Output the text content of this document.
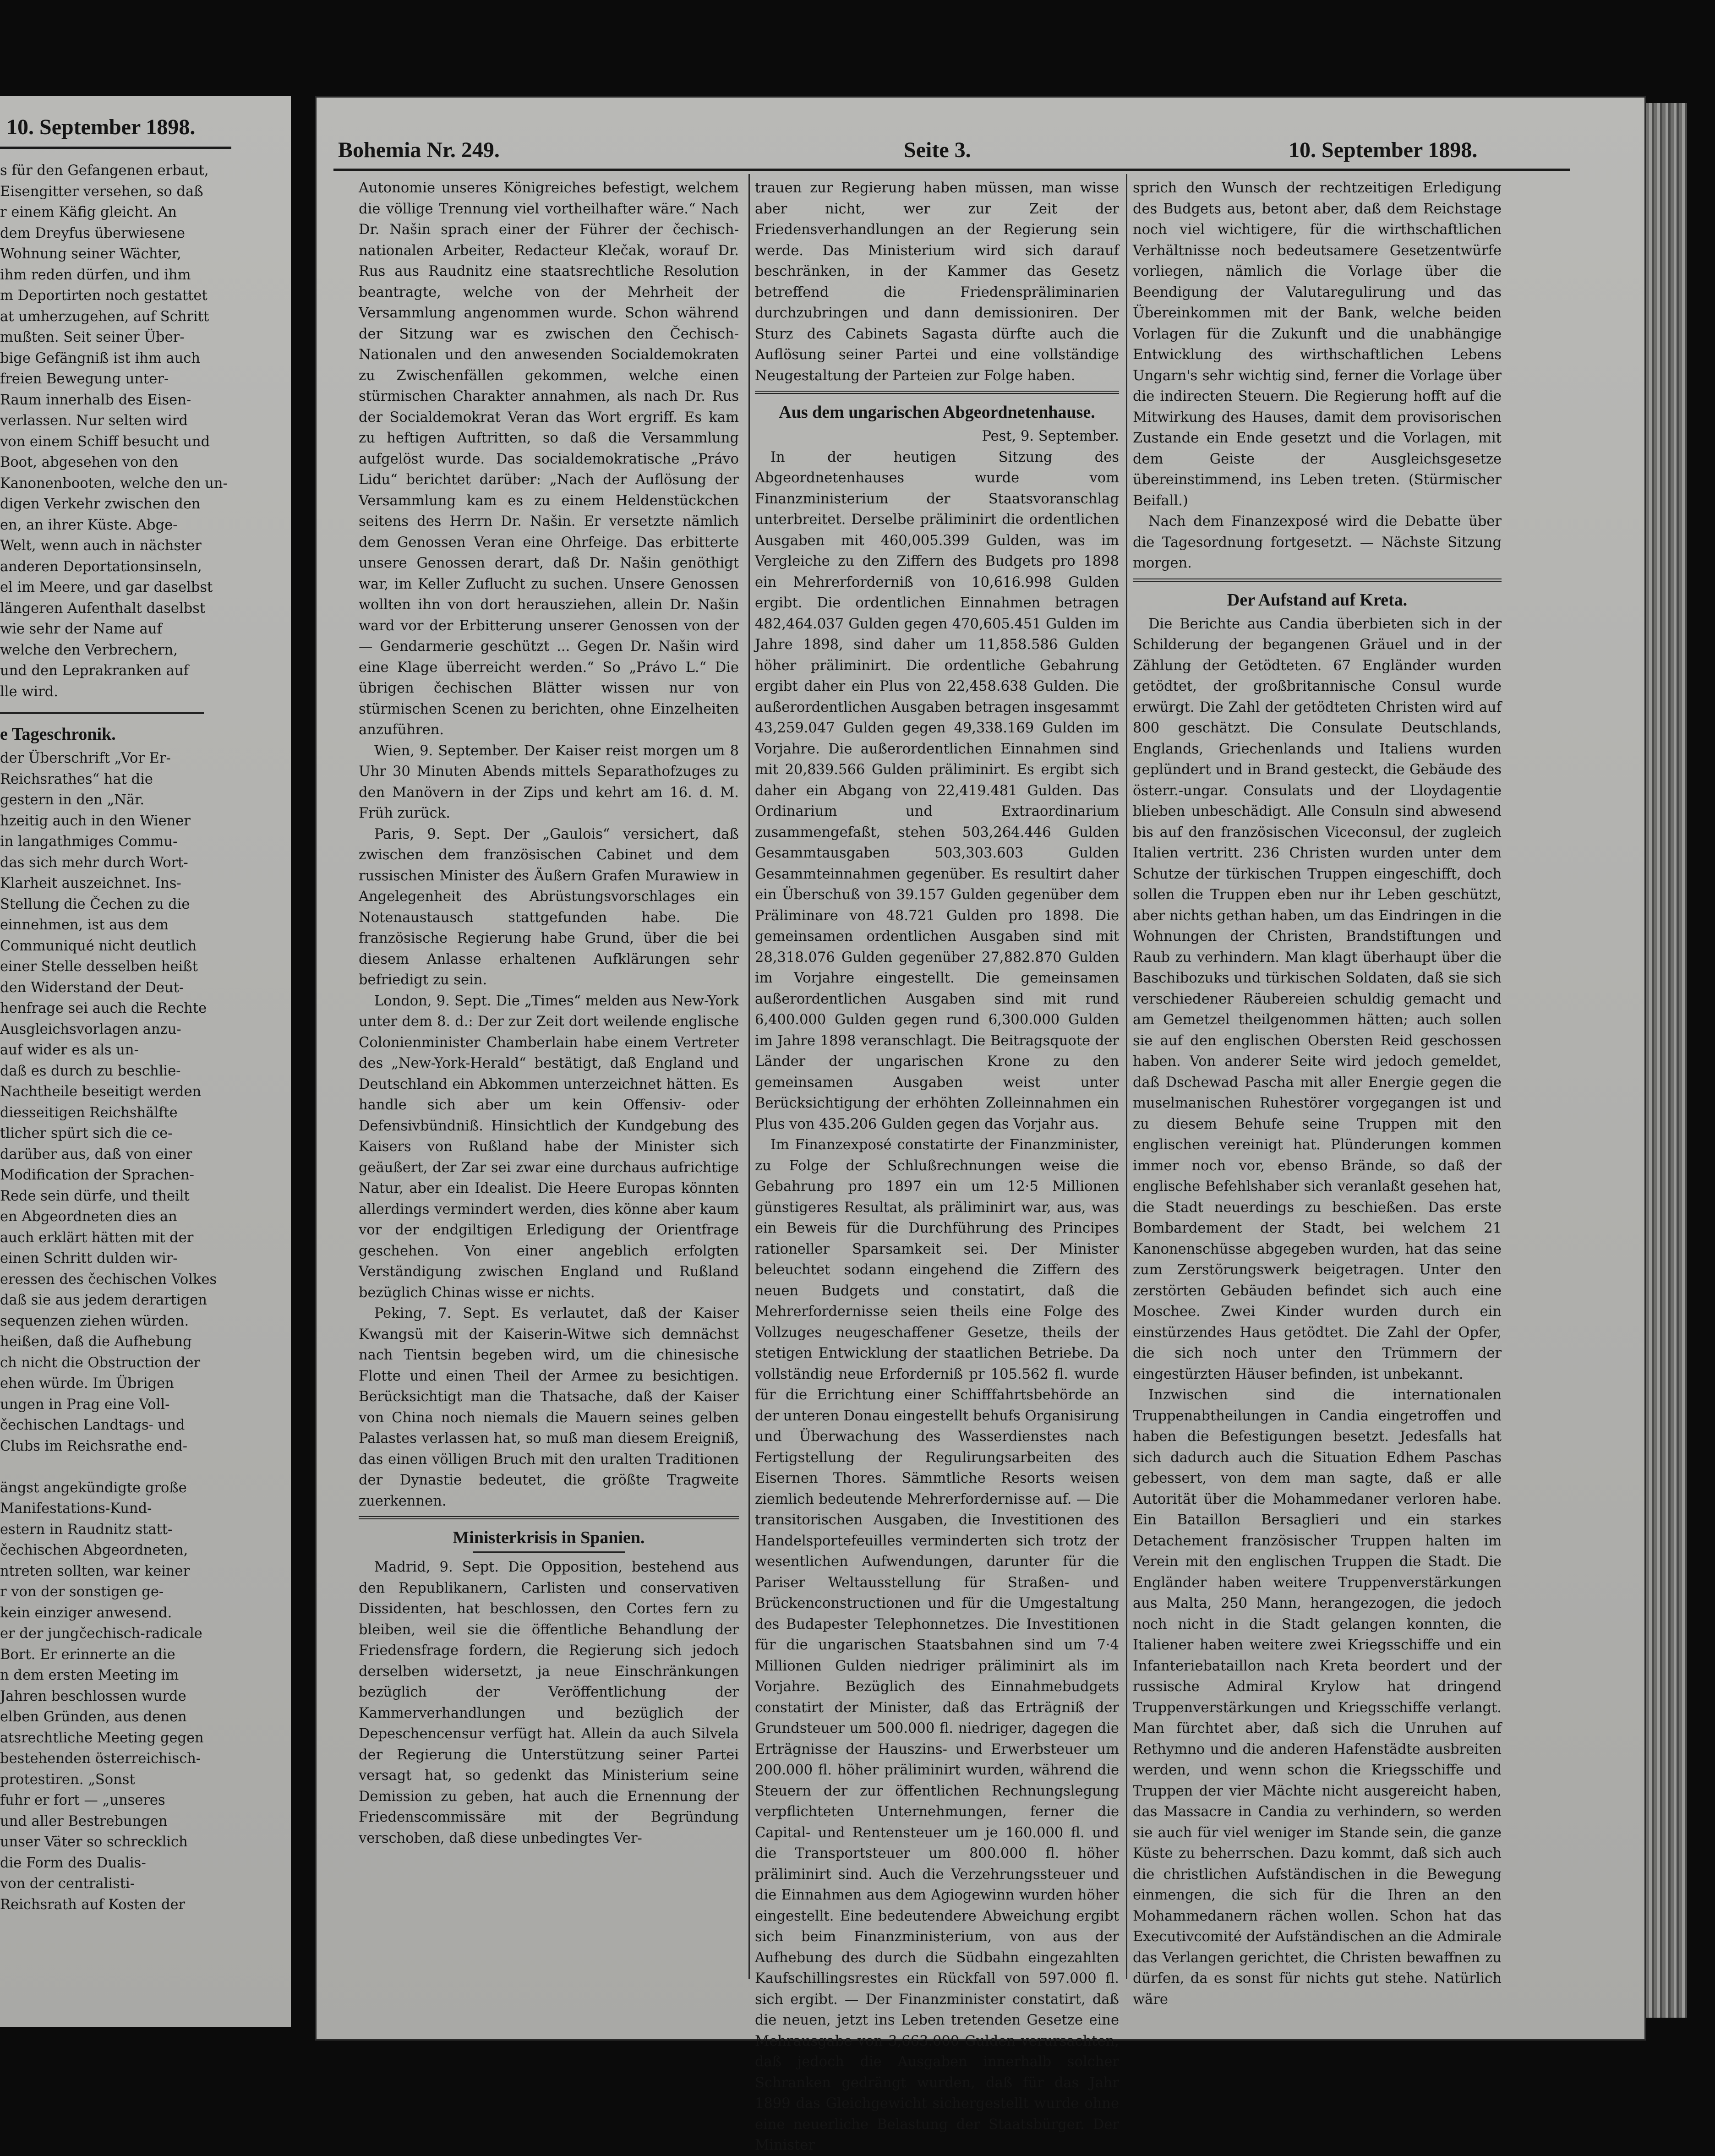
10. September 1898.

s für den Gefangenen erbaut,

Eisengitter versehen, so daß

r einem Käfig gleicht. An

dem Dreyfus überwiesene

Wohnung seiner Wächter,

ihm reden dürfen, und ihm

m Deportirten noch gestattet

at umherzugehen, auf Schritt

mußten. Seit seiner Über-

bige Gefängniß ist ihm auch

freien Bewegung unter-

Raum innerhalb des Eisen-

verlassen. Nur selten wird

von einem Schiff besucht und

Boot, abgesehen von den

Kanonenbooten, welche den un-

digen Verkehr zwischen den

en, an ihrer Küste. Abge-

Welt, wenn auch in nächster

anderen Deportationsinseln,

el im Meere, und gar daselbst

längeren Aufenthalt daselbst

wie sehr der Name auf

welche den Verbrechern,

und den Leprakranken auf

lle wird.

e Tageschronik.

der Überschrift „Vor Er-

Reichsrathes“ hat die

gestern in den „När.

hzeitig auch in den Wiener

in langathmiges Commu-

das sich mehr durch Wort-

Klarheit auszeichnet. Ins-

Stellung die Čechen zu die

einnehmen, ist aus dem

Communiqué nicht deutlich

einer Stelle desselben heißt

den Widerstand der Deut-

henfrage sei auch die Rechte

Ausgleichsvorlagen anzu-

auf wider es als un-

daß es durch zu beschlie-

Nachtheile beseitigt werden

diesseitigen Reichshälfte

tlicher spürt sich die ce-

darüber aus, daß von einer

Modification der Sprachen-

Rede sein dürfe, und theilt

en Abgeordneten dies an

auch erklärt hätten mit der

einen Schritt dulden wir-

eressen des čechischen Volkes

daß sie aus jedem derartigen

sequenzen ziehen würden.

heißen, daß die Aufhebung

ch nicht die Obstruction der

ehen würde. Im Übrigen

ungen in Prag eine Voll-

čechischen Landtags- und

Clubs im Reichsrathe end-

ängst angekündigte große

Manifestations-Kund-

estern in Raudnitz statt-

čechischen Abgeordneten,

ntreten sollten, war keiner

r von der sonstigen ge-

kein einziger anwesend.

er der jungčechisch-radicale

Bort. Er erinnerte an die

n dem ersten Meeting im

Jahren beschlossen wurde

elben Gründen, aus denen

atsrechtliche Meeting gegen

bestehenden österreichisch-

protestiren. „Sonst

fuhr er fort — „unseres

und aller Bestrebungen

unser Väter so schrecklich

die Form des Dualis-

von der centralisti-

Reichsrath auf Kosten der

Bohemia Nr. 249.	Seite 3.	10. September 1898.

Autonomie unseres Königreiches befestigt, welchem die völlige Trennung viel vortheilhafter wäre.“ Nach Dr. Našin sprach einer der Führer der čechisch-nationalen Arbeiter, Redacteur Klečak, worauf Dr. Rus aus Raudnitz eine staatsrechtliche Resolution beantragte, welche von der Mehrheit der Versammlung angenommen wurde. Schon während der Sitzung war es zwischen den Čechisch-Nationalen und den anwesenden Socialdemokraten zu Zwischenfällen gekommen, welche einen stürmischen Charakter annahmen, als nach Dr. Rus der Socialdemokrat Veran das Wort ergriff. Es kam zu heftigen Auftritten, so daß die Versammlung aufgelöst wurde. Das socialdemokratische „Právo Lidu“ berichtet darüber: „Nach der Auflösung der Versammlung kam es zu einem Heldenstückchen seitens des Herrn Dr. Našin. Er versetzte nämlich dem Genossen Veran eine Ohrfeige. Das erbitterte unsere Genossen derart, daß Dr. Našin genöthigt war, im Keller Zuflucht zu suchen. Unsere Genossen wollten ihn von dort herausziehen, allein Dr. Našin ward vor der Erbitterung unserer Genossen von der — Gendarmerie geschützt ... Gegen Dr. Našin wird eine Klage überreicht werden.“ So „Právo L.“ Die übrigen čechischen Blätter wissen nur von stürmischen Scenen zu berichten, ohne Einzelheiten anzuführen.

Wien, 9. September. Der Kaiser reist morgen um 8 Uhr 30 Minuten Abends mittels Separathofzuges zu den Manövern in der Zips und kehrt am 16. d. M. Früh zurück.

Paris, 9. Sept. Der „Gaulois“ versichert, daß zwischen dem französischen Cabinet und dem russischen Minister des Äußern Grafen Murawiew in Angelegenheit des Abrüstungsvorschlages ein Notenaustausch stattgefunden habe. Die französische Regierung habe Grund, über die bei diesem Anlasse erhaltenen Aufklärungen sehr befriedigt zu sein.

London, 9. Sept. Die „Times“ melden aus New-York unter dem 8. d.: Der zur Zeit dort weilende englische Colonienminister Chamberlain habe einem Vertreter des „New-York-Herald“ bestätigt, daß England und Deutschland ein Abkommen unterzeichnet hätten. Es handle sich aber um kein Offensiv- oder Defensivbündniß. Hinsichtlich der Kundgebung des Kaisers von Rußland habe der Minister sich geäußert, der Zar sei zwar eine durchaus aufrichtige Natur, aber ein Idealist. Die Heere Europas könnten allerdings vermindert werden, dies könne aber kaum vor der endgiltigen Erledigung der Orientfrage geschehen. Von einer angeblich erfolgten Verständigung zwischen England und Rußland bezüglich Chinas wisse er nichts.

Peking, 7. Sept. Es verlautet, daß der Kaiser Kwangsü mit der Kaiserin-Witwe sich demnächst nach Tientsin begeben wird, um die chinesische Flotte und einen Theil der Armee zu besichtigen. Berücksichtigt man die Thatsache, daß der Kaiser von China noch niemals die Mauern seines gelben Palastes verlassen hat, so muß man diesem Ereigniß, das einen völligen Bruch mit den uralten Traditionen der Dynastie bedeutet, die größte Tragweite zuerkennen.

Ministerkrisis in Spanien.

Madrid, 9. Sept. Die Opposition, bestehend aus den Republikanern, Carlisten und conservativen Dissidenten, hat beschlossen, den Cortes fern zu bleiben, weil sie die öffentliche Behandlung der Friedensfrage fordern, die Regierung sich jedoch derselben widersetzt, ja neue Einschränkungen bezüglich der Veröffentlichung der Kammerverhandlungen und bezüglich der Depeschencensur verfügt hat. Allein da auch Silvela der Regierung die Unterstützung seiner Partei versagt hat, so gedenkt das Ministerium seine Demission zu geben, hat auch die Ernennung der Friedenscommissäre mit der Begründung verschoben, daß diese unbedingtes Ver-

trauen zur Regierung haben müssen, man wisse aber nicht, wer zur Zeit der Friedensverhandlungen an der Regierung sein werde. Das Ministerium wird sich darauf beschränken, in der Kammer das Gesetz betreffend die Friedenspräliminarien durchzubringen und dann demissioniren. Der Sturz des Cabinets Sagasta dürfte auch die Auflösung seiner Partei und eine vollständige Neugestaltung der Parteien zur Folge haben.

Aus dem ungarischen Abgeordnetenhause.

Pest, 9. September.

In der heutigen Sitzung des Abgeordnetenhauses wurde vom Finanzministerium der Staatsvoranschlag unterbreitet. Derselbe präliminirt die ordentlichen Ausgaben mit 460,005.399 Gulden, was im Vergleiche zu den Ziffern des Budgets pro 1898 ein Mehrerforderniß von 10,616.998 Gulden ergibt. Die ordentlichen Einnahmen betragen 482,464.037 Gulden gegen 470,605.451 Gulden im Jahre 1898, sind daher um 11,858.586 Gulden höher präliminirt. Die ordentliche Gebahrung ergibt daher ein Plus von 22,458.638 Gulden. Die außerordentlichen Ausgaben betragen insgesammt 43,259.047 Gulden gegen 49,338.169 Gulden im Vorjahre. Die außerordentlichen Einnahmen sind mit 20,839.566 Gulden präliminirt. Es ergibt sich daher ein Abgang von 22,419.481 Gulden. Das Ordinarium und Extraordinarium zusammengefaßt, stehen 503,264.446 Gulden Gesammtausgaben 503,303.603 Gulden Gesammteinnahmen gegenüber. Es resultirt daher ein Überschuß von 39.157 Gulden gegenüber dem Präliminare von 48.721 Gulden pro 1898. Die gemeinsamen ordentlichen Ausgaben sind mit 28,318.076 Gulden gegenüber 27,882.870 Gulden im Vorjahre eingestellt. Die gemeinsamen außerordentlichen Ausgaben sind mit rund 6,400.000 Gulden gegen rund 6,300.000 Gulden im Jahre 1898 veranschlagt. Die Beitragsquote der Länder der ungarischen Krone zu den gemeinsamen Ausgaben weist unter Berücksichtigung der erhöhten Zolleinnahmen ein Plus von 435.206 Gulden gegen das Vorjahr aus.

Im Finanzexposé constatirte der Finanzminister, zu Folge der Schlußrechnungen weise die Gebahrung pro 1897 ein um 12·5 Millionen günstigeres Resultat, als präliminirt war, aus, was ein Beweis für die Durchführung des Principes rationeller Sparsamkeit sei. Der Minister beleuchtet sodann eingehend die Ziffern des neuen Budgets und constatirt, daß die Mehrerfordernisse seien theils eine Folge des Vollzuges neugeschaffener Gesetze, theils der stetigen Entwicklung der staatlichen Betriebe. Da vollständig neue Erforderniß pr 105.562 fl. wurde für die Errichtung einer Schifffahrtsbehörde an der unteren Donau eingestellt behufs Organisirung und Überwachung des Wasserdienstes nach Fertigstellung der Regulirungsarbeiten des Eisernen Thores. Sämmtliche Resorts weisen ziemlich bedeutende Mehrerfordernisse auf. — Die transitorischen Ausgaben, die Investitionen des Handelsportefeuilles verminderten sich trotz der wesentlichen Aufwendungen, darunter für die Pariser Weltausstellung für Straßen- und Brückenconstructionen und für die Umgestaltung des Budapester Telephonnetzes. Die Investitionen für die ungarischen Staatsbahnen sind um 7·4 Millionen Gulden niedriger präliminirt als im Vorjahre. Bezüglich des Einnahmebudgets constatirt der Minister, daß das Erträgniß der Grundsteuer um 500.000 fl. niedriger, dagegen die Erträgnisse der Hauszins- und Erwerbsteuer um 200.000 fl. höher präliminirt wurden, während die Steuern der zur öffentlichen Rechnungslegung verpflichteten Unternehmungen, ferner die Capital- und Rentensteuer um je 160.000 fl. und die Transportsteuer um 800.000 fl. höher präliminirt sind. Auch die Verzehrungssteuer und die Einnahmen aus dem Agiogewinn wurden höher eingestellt. Eine bedeutendere Abweichung ergibt sich beim Finanzministerium, von aus der Aufhebung des durch die Südbahn eingezahlten Kaufschillingsrestes ein Rückfall von 597.000 fl. sich ergibt. — Der Finanzminister constatirt, daß die neuen, jetzt ins Leben tretenden Gesetze eine Mehrausgabe von 3,663.000 Gulden verursachten, daß jedoch die Ausgaben innerhalb solcher Schranken gedrängt wurden, daß für das Jahr 1899 das Gleichgewicht sichergestellt wurde ohne eine neuerliche Belastung der Staatsbürger. Der Minister

sprich den Wunsch der rechtzeitigen Erledigung des Budgets aus, betont aber, daß dem Reichstage noch viel wichtigere, für die wirthschaftlichen Verhältnisse noch bedeutsamere Gesetzentwürfe vorliegen, nämlich die Vorlage über die Beendigung der Valutaregulirung und das Übereinkommen mit der Bank, welche beiden Vorlagen für die Zukunft und die unabhängige Entwicklung des wirthschaftlichen Lebens Ungarn's sehr wichtig sind, ferner die Vorlage über die indirecten Steuern. Die Regierung hofft auf die Mitwirkung des Hauses, damit dem provisorischen Zustande ein Ende gesetzt und die Vorlagen, mit dem Geiste der Ausgleichsgesetze übereinstimmend, ins Leben treten. (Stürmischer Beifall.)

Nach dem Finanzexposé wird die Debatte über die Tagesordnung fortgesetzt. — Nächste Sitzung morgen.

Der Aufstand auf Kreta.

Die Berichte aus Candia überbieten sich in der Schilderung der begangenen Gräuel und in der Zählung der Getödteten. 67 Engländer wurden getödtet, der großbritannische Consul wurde erwürgt. Die Zahl der getödteten Christen wird auf 800 geschätzt. Die Consulate Deutschlands, Englands, Griechenlands und Italiens wurden geplündert und in Brand gesteckt, die Gebäude des österr.-ungar. Consulats und der Lloydagentie blieben unbeschädigt. Alle Consuln sind abwesend bis auf den französischen Viceconsul, der zugleich Italien vertritt. 236 Christen wurden unter dem Schutze der türkischen Truppen eingeschifft, doch sollen die Truppen eben nur ihr Leben geschützt, aber nichts gethan haben, um das Eindringen in die Wohnungen der Christen, Brandstiftungen und Raub zu verhindern. Man klagt überhaupt über die Baschibozuks und türkischen Soldaten, daß sie sich verschiedener Räubereien schuldig gemacht und am Gemetzel theilgenommen hätten; auch sollen sie auf den englischen Obersten Reid geschossen haben. Von anderer Seite wird jedoch gemeldet, daß Dschewad Pascha mit aller Energie gegen die muselmanischen Ruhestörer vorgegangen ist und zu diesem Behufe seine Truppen mit den englischen vereinigt hat. Plünderungen kommen immer noch vor, ebenso Brände, so daß der englische Befehlshaber sich veranlaßt gesehen hat, die Stadt neuerdings zu beschießen. Das erste Bombardement der Stadt, bei welchem 21 Kanonenschüsse abgegeben wurden, hat das seine zum Zerstörungswerk beigetragen. Unter den zerstörten Gebäuden befindet sich auch eine Moschee. Zwei Kinder wurden durch ein einstürzendes Haus getödtet. Die Zahl der Opfer, die sich noch unter den Trümmern der eingestürzten Häuser befinden, ist unbekannt.

Inzwischen sind die internationalen Truppenabtheilungen in Candia eingetroffen und haben die Befestigungen besetzt. Jedesfalls hat sich dadurch auch die Situation Edhem Paschas gebessert, von dem man sagte, daß er alle Autorität über die Mohammedaner verloren habe. Ein Bataillon Bersaglieri und ein starkes Detachement französischer Truppen halten im Verein mit den englischen Truppen die Stadt. Die Engländer haben weitere Truppenverstärkungen aus Malta, 250 Mann, herangezogen, die jedoch noch nicht in die Stadt gelangen konnten, die Italiener haben weitere zwei Kriegsschiffe und ein Infanteriebataillon nach Kreta beordert und der russische Admiral Krylow hat dringend Truppenverstärkungen und Kriegsschiffe verlangt. Man fürchtet aber, daß sich die Unruhen auf Rethymno und die anderen Hafenstädte ausbreiten werden, und wenn schon die Kriegsschiffe und Truppen der vier Mächte nicht ausgereicht haben, das Massacre in Candia zu verhindern, so werden sie auch für viel weniger im Stande sein, die ganze Küste zu beherrschen. Dazu kommt, daß sich auch die christlichen Aufständischen in die Bewegung einmengen, die sich für die Ihren an den Mohammedanern rächen wollen. Schon hat das Executivcomité der Aufständischen an die Admirale das Verlangen gerichtet, die Christen bewaffnen zu dürfen, da es sonst für nichts gut stehe. Natürlich wäre
